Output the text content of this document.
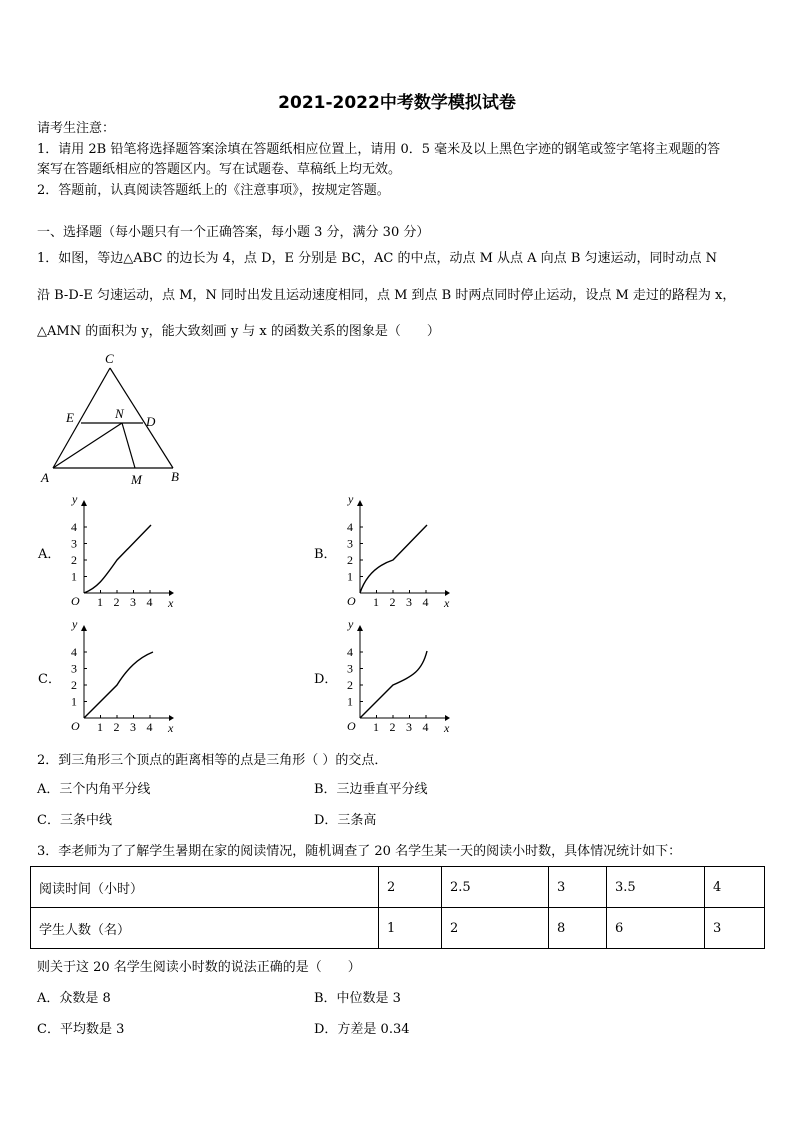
2021-2022中考数学模拟试卷
请考生注意：
1．请用 2B 铅笔将选择题答案涂填在答题纸相应位置上，请用 0．5 毫米及以上黑色字迹的钢笔或签字笔将主观题的答
案写在答题纸相应的答题区内。写在试题卷、草稿纸上均无效。
2．答题前，认真阅读答题纸上的《注意事项》，按规定答题。
一、选择题（每小题只有一个正确答案，每小题 3 分，满分 30 分）
1．如图，等边△ABC 的边长为 4，点 D，E 分别是 BC，AC 的中点，动点 M 从点 A 向点 B 匀速运动，同时动点 N
沿 B-D-E 匀速运动，点 M，N 同时出发且运动速度相同，点 M 到点 B 时两点同时停止运动，设点 M 走过的路程为 x，
△AMN 的面积为 y，能大致刻画 y 与 x 的函数关系的图象是（　　）
C
E	N
D
A	M B
A．	B．
C．	D．
O	x
y
1 2 3 4
1
2
3
4
O	x
y
1 2 3 4
1
2
3
4
O	x
y
1 2 3 4
1
2
3
4
O	x
y
1 2 3 4
1
2
3
4
2．到三角形三个顶点的距离相等的点是三角形（ ）的交点．
A．三个内角平分线	B．三边垂直平分线
C．三条中线	D．三条高
3．李老师为了了解学生暑期在家的阅读情况，随机调查了 20 名学生某一天的阅读小时数，具体情况统计如下：
阅读时间（小时）	2	2.5	3	3.5	4
学生人数（名）	1	2	8	6	3
则关于这 20 名学生阅读小时数的说法正确的是（　　）
A．众数是 8	B．中位数是 3
C．平均数是 3	D．方差是 0.34
